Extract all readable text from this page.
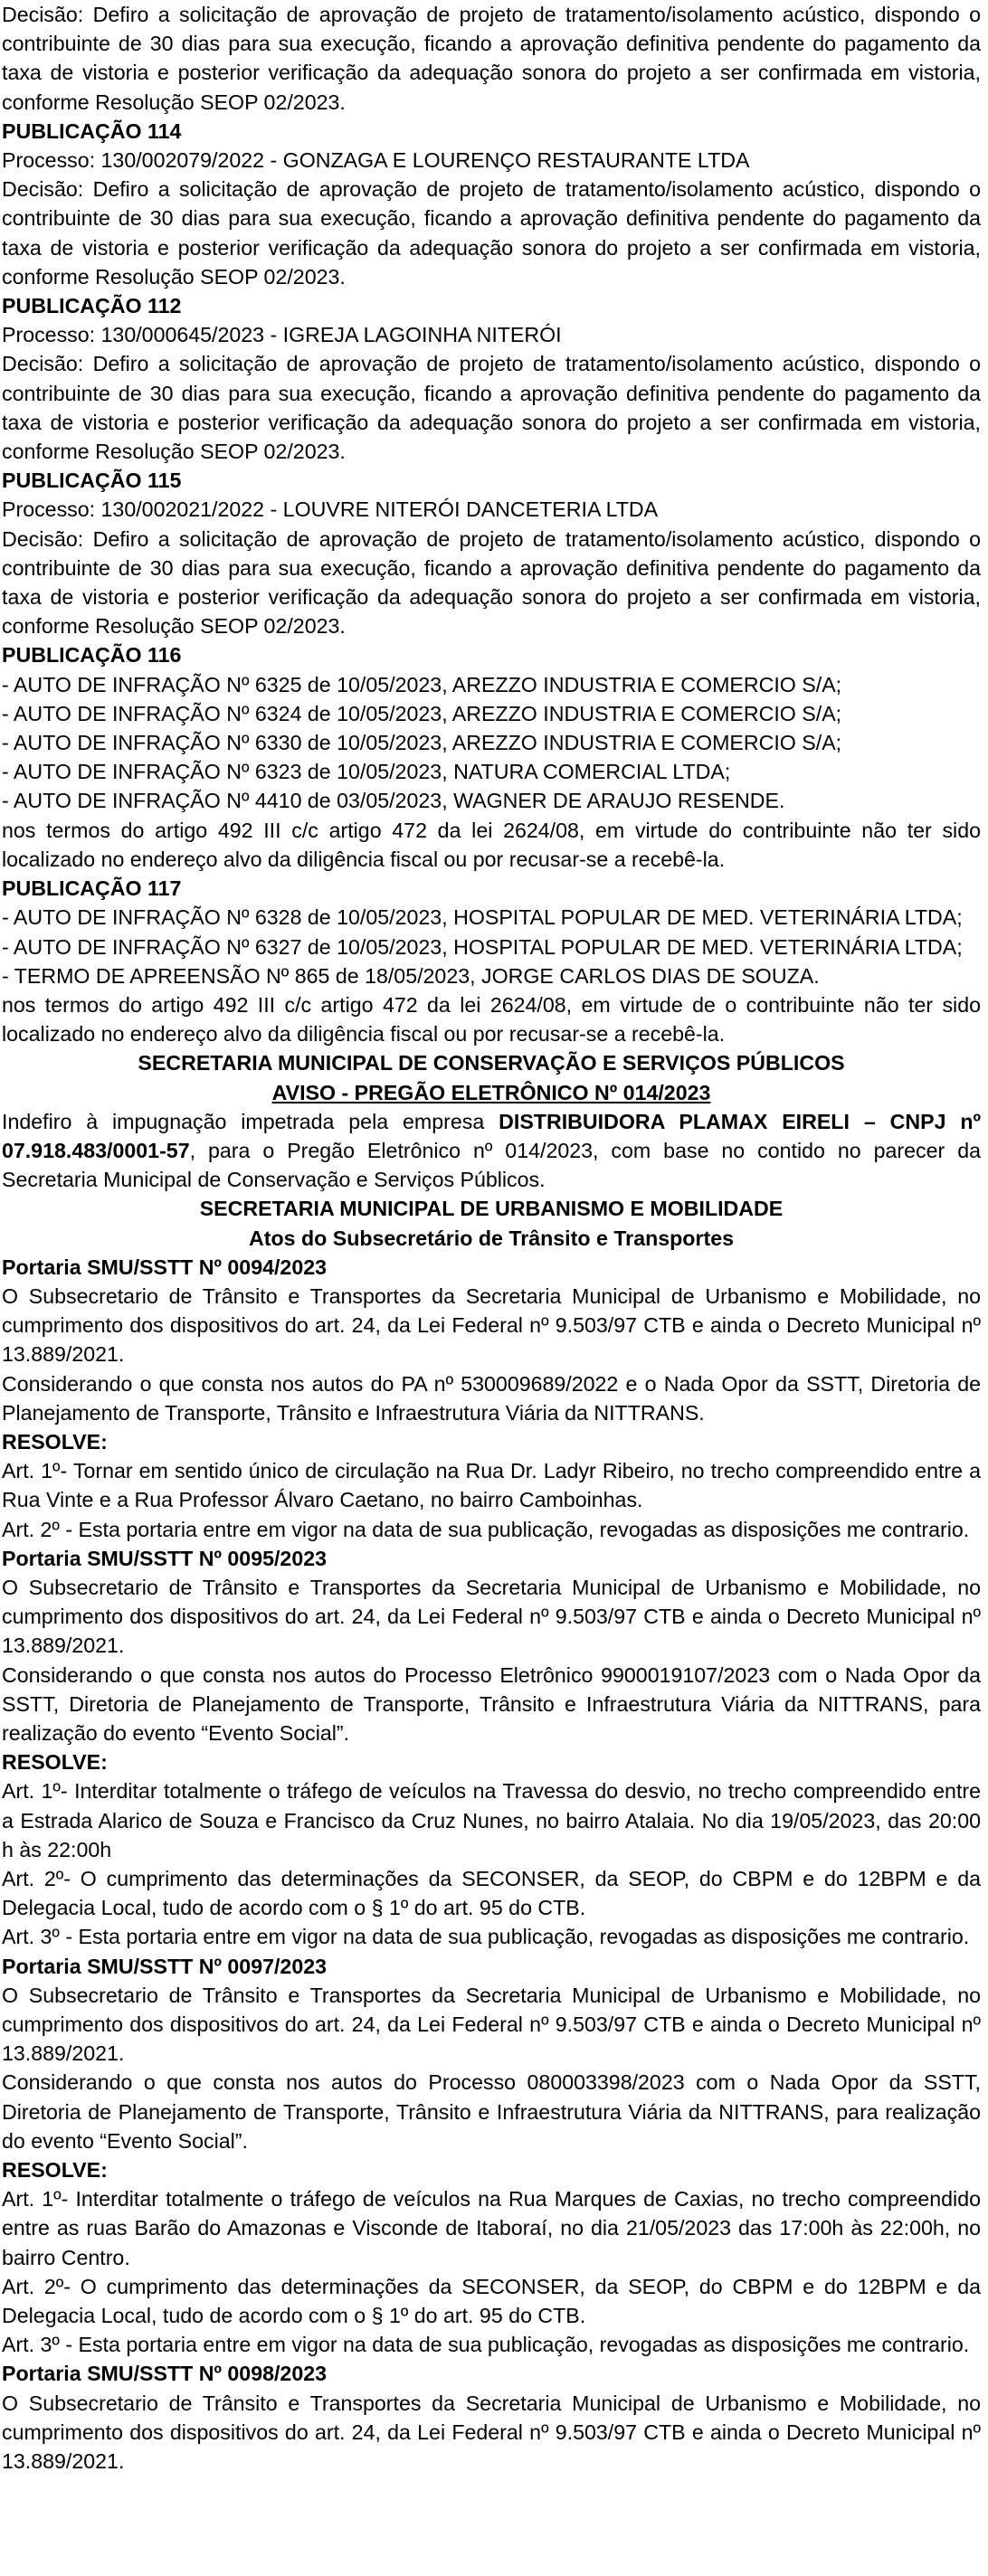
Decisão: Defiro a solicitação de aprovação de projeto de tratamento/isolamento acústico, dispondo o contribuinte de 30 dias para sua execução, ficando a aprovação definitiva pendente do pagamento da taxa de vistoria e posterior verificação da adequação sonora do projeto a ser confirmada em vistoria, conforme Resolução SEOP 02/2023.
PUBLICAÇÃO 114
Processo: 130/002079/2022 - GONZAGA E LOURENÇO RESTAURANTE LTDA
Decisão: Defiro a solicitação de aprovação de projeto de tratamento/isolamento acústico, dispondo o contribuinte de 30 dias para sua execução, ficando a aprovação definitiva pendente do pagamento da taxa de vistoria e posterior verificação da adequação sonora do projeto a ser confirmada em vistoria, conforme Resolução SEOP 02/2023.
PUBLICAÇÃO 112
Processo: 130/000645/2023 - IGREJA LAGOINHA NITERÓI
Decisão: Defiro a solicitação de aprovação de projeto de tratamento/isolamento acústico, dispondo o contribuinte de 30 dias para sua execução, ficando a aprovação definitiva pendente do pagamento da taxa de vistoria e posterior verificação da adequação sonora do projeto a ser confirmada em vistoria, conforme Resolução SEOP 02/2023.
PUBLICAÇÃO 115
Processo: 130/002021/2022 - LOUVRE NITERÓI DANCETERIA LTDA
Decisão: Defiro a solicitação de aprovação de projeto de tratamento/isolamento acústico, dispondo o contribuinte de 30 dias para sua execução, ficando a aprovação definitiva pendente do pagamento da taxa de vistoria e posterior verificação da adequação sonora do projeto a ser confirmada em vistoria, conforme Resolução SEOP 02/2023.
PUBLICAÇÃO 116
- AUTO DE INFRAÇÃO Nº 6325 de 10/05/2023, AREZZO INDUSTRIA E COMERCIO S/A;
- AUTO DE INFRAÇÃO Nº 6324 de 10/05/2023, AREZZO INDUSTRIA E COMERCIO S/A;
- AUTO DE INFRAÇÃO Nº 6330 de 10/05/2023, AREZZO INDUSTRIA E COMERCIO S/A;
- AUTO DE INFRAÇÃO Nº 6323 de 10/05/2023, NATURA COMERCIAL LTDA;
- AUTO DE INFRAÇÃO Nº 4410 de 03/05/2023, WAGNER DE ARAUJO RESENDE.
nos termos do artigo 492 III c/c artigo 472 da lei 2624/08, em virtude do contribuinte não ter sido localizado no endereço alvo da diligência fiscal ou por recusar-se a recebê-la.
PUBLICAÇÃO 117
- AUTO DE INFRAÇÃO Nº 6328 de 10/05/2023, HOSPITAL POPULAR DE MED. VETERINÁRIA LTDA;
- AUTO DE INFRAÇÃO Nº 6327 de 10/05/2023, HOSPITAL POPULAR DE MED. VETERINÁRIA LTDA;
- TERMO DE APREENSÃO Nº 865 de 18/05/2023, JORGE CARLOS DIAS DE SOUZA.
nos termos do artigo 492 III c/c artigo 472 da lei 2624/08, em virtude de o contribuinte não ter sido localizado no endereço alvo da diligência fiscal ou por recusar-se a recebê-la.
SECRETARIA MUNICIPAL DE CONSERVAÇÃO E SERVIÇOS PÚBLICOS
AVISO - PREGÃO ELETRÔNICO Nº 014/2023
Indefiro à impugnação impetrada pela empresa DISTRIBUIDORA PLAMAX EIRELI – CNPJ nº 07.918.483/0001-57, para o Pregão Eletrônico nº 014/2023, com base no contido no parecer da Secretaria Municipal de Conservação e Serviços Públicos.
SECRETARIA MUNICIPAL DE URBANISMO E MOBILIDADE
Atos do Subsecretário de Trânsito e Transportes
Portaria SMU/SSTT Nº 0094/2023
O Subsecretario de Trânsito e Transportes da Secretaria Municipal de Urbanismo e Mobilidade, no cumprimento dos dispositivos do art. 24, da Lei Federal nº 9.503/97 CTB e ainda o Decreto Municipal nº 13.889/2021.
Considerando o que consta nos autos do PA nº 530009689/2022 e o Nada Opor da SSTT, Diretoria de Planejamento de Transporte, Trânsito e Infraestrutura Viária da NITTRANS.
RESOLVE:
Art. 1º- Tornar em sentido único de circulação na Rua Dr. Ladyr Ribeiro, no trecho compreendido entre a Rua Vinte e a Rua Professor Álvaro Caetano, no bairro Camboinhas.
Art. 2º - Esta portaria entre em vigor na data de sua publicação, revogadas as disposições me contrario.
Portaria SMU/SSTT Nº 0095/2023
O Subsecretario de Trânsito e Transportes da Secretaria Municipal de Urbanismo e Mobilidade, no cumprimento dos dispositivos do art. 24, da Lei Federal nº 9.503/97 CTB e ainda o Decreto Municipal nº 13.889/2021.
Considerando o que consta nos autos do Processo Eletrônico 9900019107/2023 com o Nada Opor da SSTT, Diretoria de Planejamento de Transporte, Trânsito e Infraestrutura Viária da NITTRANS, para realização do evento “Evento Social”.
RESOLVE:
Art. 1º- Interditar totalmente o tráfego de veículos na Travessa do desvio, no trecho compreendido entre a Estrada Alarico de Souza e Francisco da Cruz Nunes, no bairro Atalaia. No dia 19/05/2023, das 20:00 h às 22:00h
Art. 2º- O cumprimento das determinações da SECONSER, da SEOP, do CBPM e do 12BPM e da Delegacia Local, tudo de acordo com o § 1º do art. 95 do CTB.
Art. 3º - Esta portaria entre em vigor na data de sua publicação, revogadas as disposições me contrario.
Portaria SMU/SSTT Nº 0097/2023
O Subsecretario de Trânsito e Transportes da Secretaria Municipal de Urbanismo e Mobilidade, no cumprimento dos dispositivos do art. 24, da Lei Federal nº 9.503/97 CTB e ainda o Decreto Municipal nº 13.889/2021.
Considerando o que consta nos autos do Processo 080003398/2023 com o Nada Opor da SSTT, Diretoria de Planejamento de Transporte, Trânsito e Infraestrutura Viária da NITTRANS, para realização do evento “Evento Social”.
RESOLVE:
Art. 1º- Interditar totalmente o tráfego de veículos na Rua Marques de Caxias, no trecho compreendido entre as ruas Barão do Amazonas e Visconde de Itaboraí, no dia 21/05/2023 das 17:00h às 22:00h, no bairro Centro.
Art. 2º- O cumprimento das determinações da SECONSER, da SEOP, do CBPM e do 12BPM e da Delegacia Local, tudo de acordo com o § 1º do art. 95 do CTB.
Art. 3º - Esta portaria entre em vigor na data de sua publicação, revogadas as disposições me contrario.
Portaria SMU/SSTT Nº 0098/2023
O Subsecretario de Trânsito e Transportes da Secretaria Municipal de Urbanismo e Mobilidade, no cumprimento dos dispositivos do art. 24, da Lei Federal nº 9.503/97 CTB e ainda o Decreto Municipal nº 13.889/2021.
